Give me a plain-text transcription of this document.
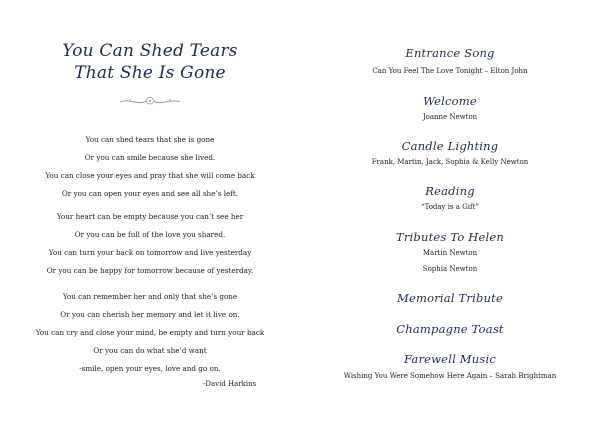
You Can Shed Tears
That She Is Gone
You can shed tears that she is gone
Or you can smile because she lived.
You can close your eyes and pray that she will come back
Or you can open your eyes and see all she’s left.
Your heart can be empty because you can’t see her
Or you can be full of the love you shared.
You can turn your back on tomorrow and live yesterday
Or you can be happy for tomorrow because of yesterday.
You can remember her and only that she’s gone
Or you can cherish her memory and let it live on.
You can cry and close your mind, be empty and turn your back
Or you can do what she’d want
-smile, open your eyes, love and go on.
-David Harkins
Entrance Song
Can You Feel The Love Tonight – Elton John
Welcome
Joanne Newton
Candle Lighting
Frank, Martin, Jack, Sophia & Kelly Newton
Reading
“Today is a Gift”
Tributes To Helen
Martin Newton
Sophia Newton
Memorial Tribute
Champagne Toast
Farewell Music
Wishing You Were Somehow Here Again – Sarah Brightman
